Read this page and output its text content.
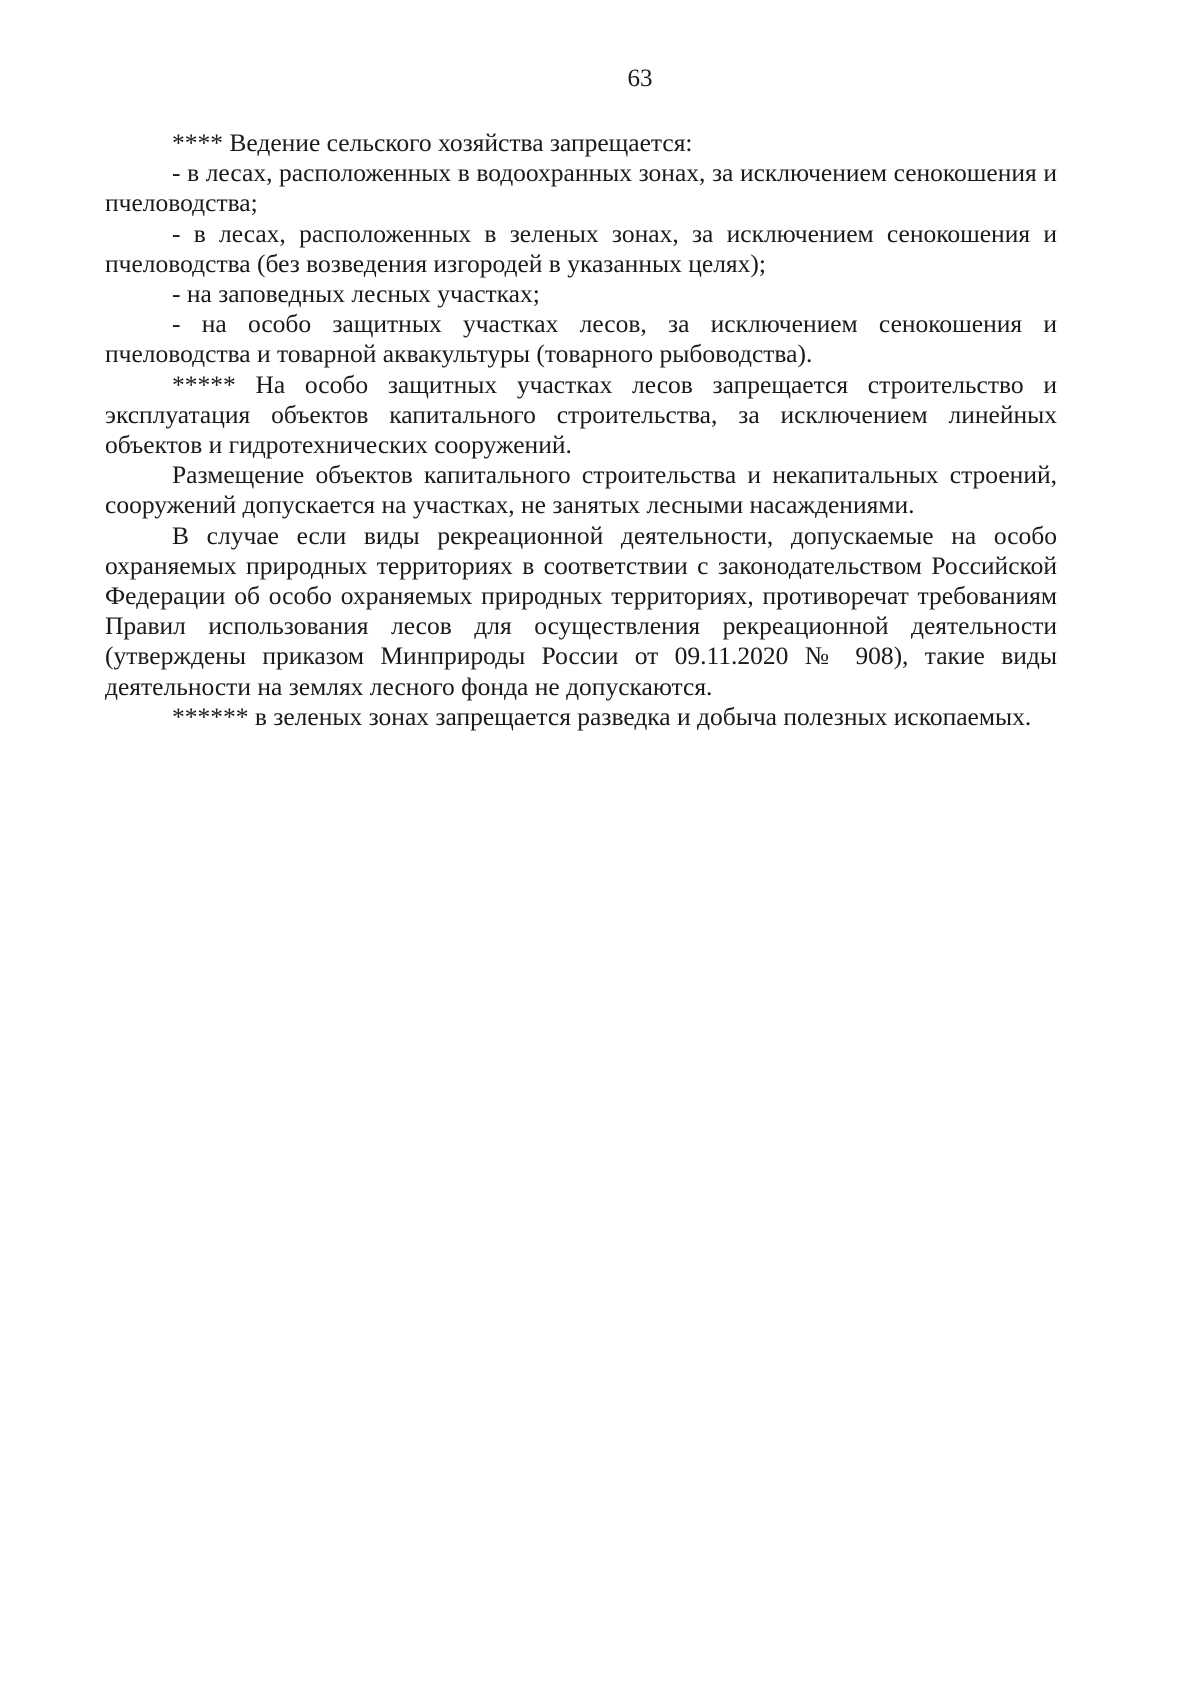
63

**** Ведение сельского хозяйства запрещается:

- в лесах, расположенных в водоохранных зонах, за исключением сенокошения и пчеловодства;

- в лесах, расположенных в зеленых зонах, за исключением сенокошения и пчеловодства (без возведения изгородей в указанных целях);

- на заповедных лесных участках;

- на особо защитных участках лесов, за исключением сенокошения и пчеловодства и товарной аквакультуры (товарного рыбоводства).

***** На особо защитных участках лесов запрещается строительство и эксплуатация объектов капитального строительства, за исключением линейных объектов и гидротехнических сооружений.

Размещение объектов капитального строительства и некапитальных строений, сооружений допускается на участках, не занятых лесными насаждениями.

В случае если виды рекреационной деятельности, допускаемые на особо охраняемых природных территориях в соответствии с законодательством Российской Федерации об особо охраняемых природных территориях, противоречат требованиям Правил использования лесов для осуществления рекреационной деятельности (утверждены приказом Минприроды России от 09.11.2020 № 908), такие виды деятельности на землях лесного фонда не допускаются.

****** в зеленых зонах запрещается разведка и добыча полезных ископаемых.
